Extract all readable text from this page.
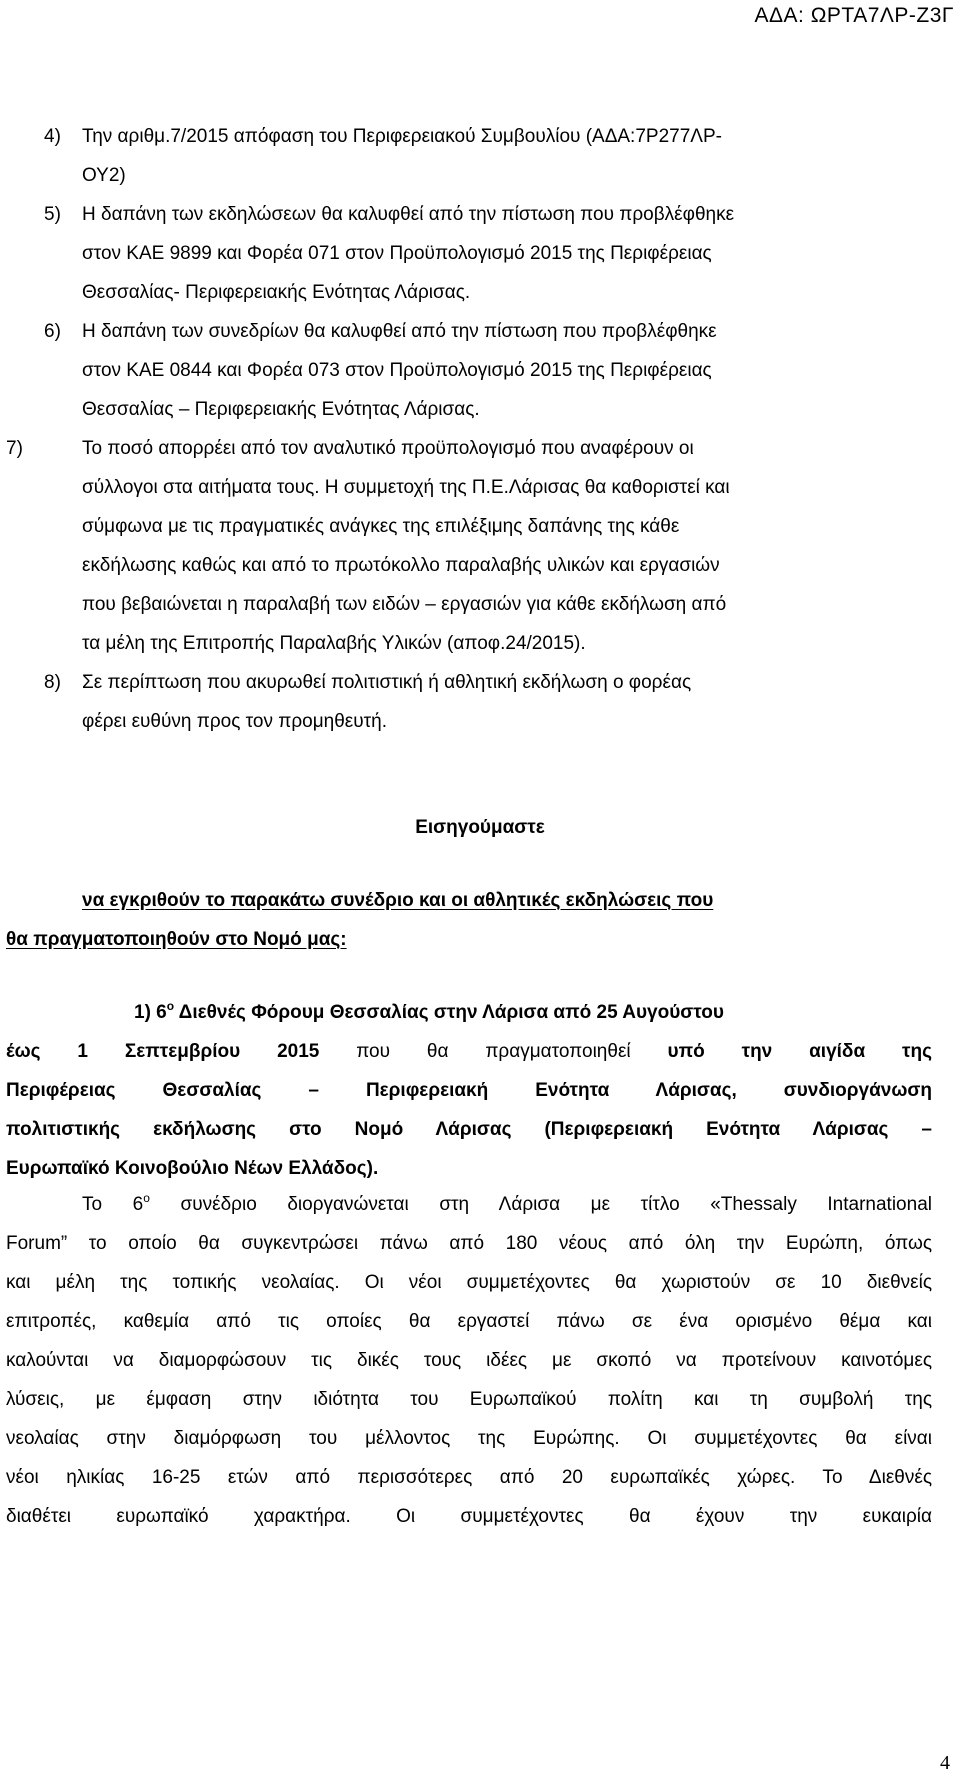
ΑΔΑ: ΩΡΤΑ7ΛΡ-Ζ3Γ
4) Την αριθμ.7/2015 απόφαση του Περιφερειακού Συμβουλίου (ΑΔΑ:7Ρ277ΛΡ-
ΟΥ2)
5) Η δαπάνη των εκδηλώσεων θα καλυφθεί από την πίστωση που προβλέφθηκε
στον ΚΑΕ 9899 και Φορέα 071 στον Προϋπολογισμό 2015 της Περιφέρειας
Θεσσαλίας- Περιφερειακής Ενότητας Λάρισας.
6) Η δαπάνη των συνεδρίων θα καλυφθεί από την πίστωση που προβλέφθηκε
στον ΚΑΕ 0844 και Φορέα 073 στον Προϋπολογισμό 2015 της Περιφέρειας
Θεσσαλίας – Περιφερειακής Ενότητας Λάρισας.
7)	Το ποσό απορρέει από τον αναλυτικό προϋπολογισμό που αναφέρουν οι
σύλλογοι στα αιτήματα τους. Η συμμετοχή της Π.Ε.Λάρισας θα καθοριστεί και
σύμφωνα με τις πραγματικές ανάγκες της επιλέξιμης δαπάνης της κάθε
εκδήλωσης καθώς και από το πρωτόκολλο παραλαβής υλικών και εργασιών
που βεβαιώνεται η παραλαβή των ειδών – εργασιών για κάθε εκδήλωση από
τα μέλη της Επιτροπής Παραλαβής Υλικών (αποφ.24/2015).
8) Σε περίπτωση που ακυρωθεί πολιτιστική ή αθλητική εκδήλωση ο φορέας
φέρει ευθύνη προς τον προμηθευτή.
Εισηγούμαστε
να εγκριθούν το παρακάτω συνέδριο και οι αθλητικές εκδηλώσεις που
θα πραγματοποιηθούν στο Νομό μας:
1) $6^o$ Διεθνές Φόρουμ Θεσσαλίας στην Λάρισα από 25 Αυγούστου
έως 1 Σεπτεμβρίου 2015 που θα πραγματοποιηθεί υπό την αιγίδα της
Περιφέρειας Θεσσαλίας – Περιφερειακή Ενότητα Λάρισας, συνδιοργάνωση
πολιτιστικής εκδήλωσης στο Νομό Λάρισας (Περιφερειακή Ενότητα Λάρισας –
Ευρωπαϊκό Κοινοβούλιο Νέων Ελλάδος).
Το $6^o$ συνέδριο διοργανώνεται στη Λάρισα με τίτλο «Thessaly Intarnational
Forum” το οποίο θα συγκεντρώσει πάνω από 180 νέους από όλη την Ευρώπη, όπως
και μέλη της τοπικής νεολαίας. Οι νέοι συμμετέχοντες θα χωριστούν σε 10 διεθνείς
επιτροπές, καθεμία από τις οποίες θα εργαστεί πάνω σε ένα ορισμένο θέμα και
καλούνται να διαμορφώσουν τις δικές τους ιδέες με σκοπό να προτείνουν καινοτόμες
λύσεις, με έμφαση στην ιδιότητα του Ευρωπαϊκού πολίτη και τη συμβολή της
νεολαίας στην διαμόρφωση του μέλλοντος της Ευρώπης. Οι συμμετέχοντες θα είναι
νέοι ηλικίας 16-25 ετών από περισσότερες από 20 ευρωπαϊκές χώρες. Το Διεθνές
διαθέτει ευρωπαϊκό χαρακτήρα. Οι συμμετέχοντες θα έχουν την ευκαιρία
4
